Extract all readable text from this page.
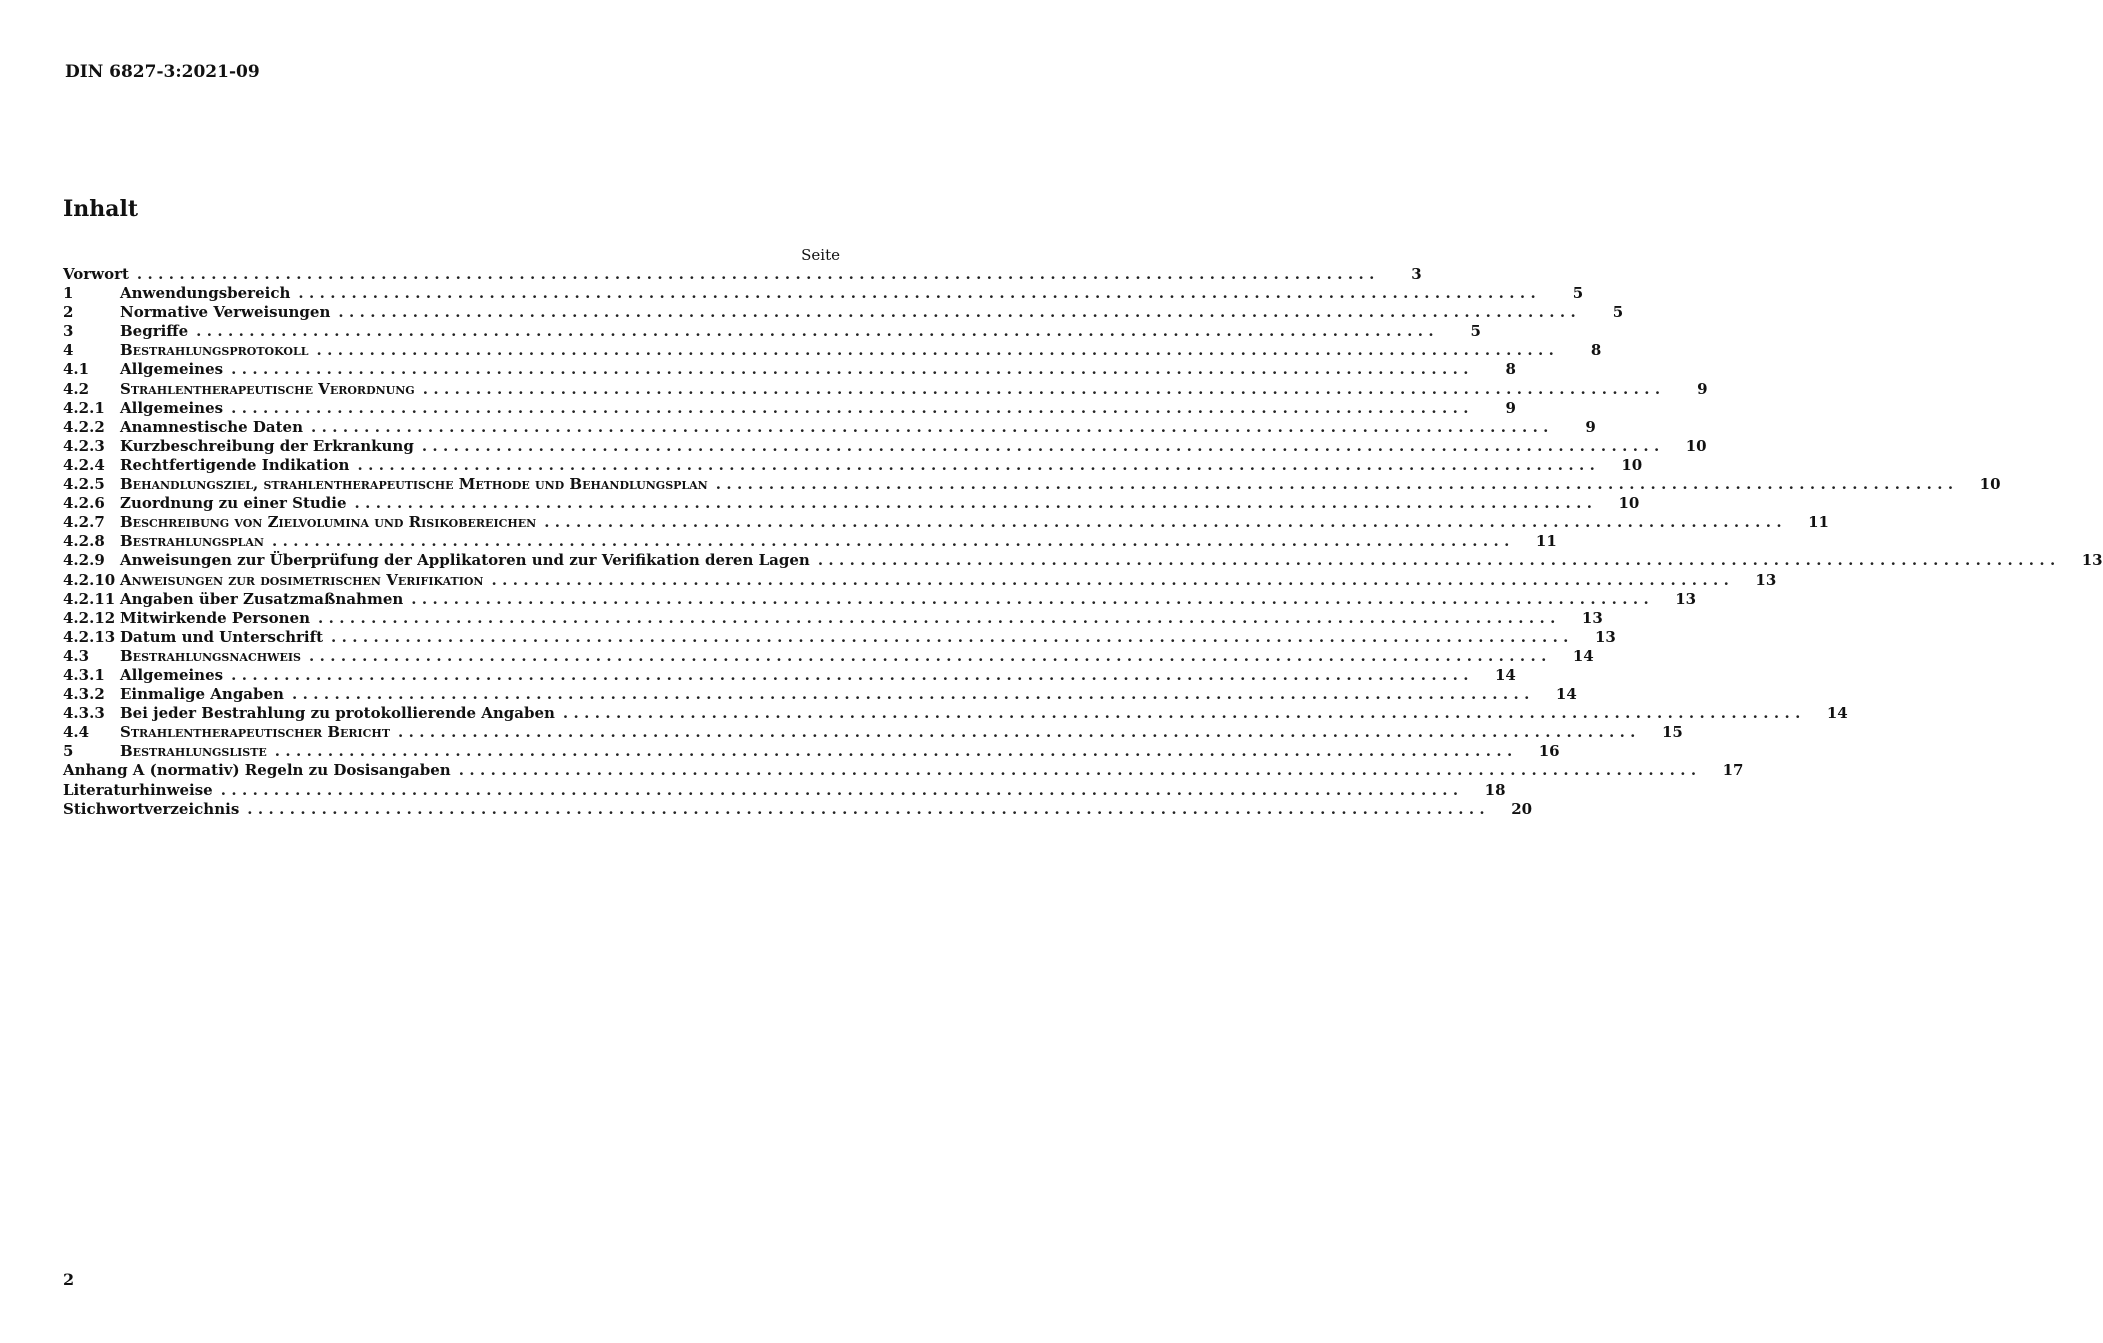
DIN 6827-3:2021-09
Inhalt
Seite
Vorwort .....................................................................................................................	3
1	Anwendungsbereich .....................................................................................................................	5
2	Normative Verweisungen .....................................................................................................................	5
3	Begriffe .....................................................................................................................	5
4	Bestrahlungsprotokoll .....................................................................................................................	8
4.1	Allgemeines .....................................................................................................................	8
4.2	Strahlentherapeutische Verordnung .....................................................................................................................	9
4.2.1	Allgemeines .....................................................................................................................	9
4.2.2	Anamnestische Daten .....................................................................................................................	9
4.2.3	Kurzbeschreibung der Erkrankung .....................................................................................................................	10
4.2.4	Rechtfertigende Indikation .....................................................................................................................	10
4.2.5	Behandlungsziel, strahlentherapeutische Methode und Behandlungsplan .....................................................................................................................	10
4.2.6	Zuordnung zu einer Studie .....................................................................................................................	10
4.2.7	Beschreibung von Zielvolumina und Risikobereichen .....................................................................................................................	11
4.2.8	Bestrahlungsplan .....................................................................................................................	11
4.2.9	Anweisungen zur Überprüfung der Applikatoren und zur Verifikation deren Lagen .....................................................................................................................	13
4.2.10 Anweisungen zur dosimetrischen Verifikation .....................................................................................................................	13
4.2.11 Angaben über Zusatzmaßnahmen .....................................................................................................................	13
4.2.12 Mitwirkende Personen .....................................................................................................................	13
4.2.13 Datum und Unterschrift .....................................................................................................................	13
4.3	Bestrahlungsnachweis .....................................................................................................................	14
4.3.1	Allgemeines .....................................................................................................................	14
4.3.2	Einmalige Angaben .....................................................................................................................	14
4.3.3	Bei jeder Bestrahlung zu protokollierende Angaben .....................................................................................................................	14
4.4	Strahlentherapeutischer Bericht .....................................................................................................................	15
5	Bestrahlungsliste .....................................................................................................................	16
Anhang A (normativ) Regeln zu Dosisangaben .....................................................................................................................	17
Literaturhinweise .....................................................................................................................	18
Stichwortverzeichnis .....................................................................................................................	20
2
